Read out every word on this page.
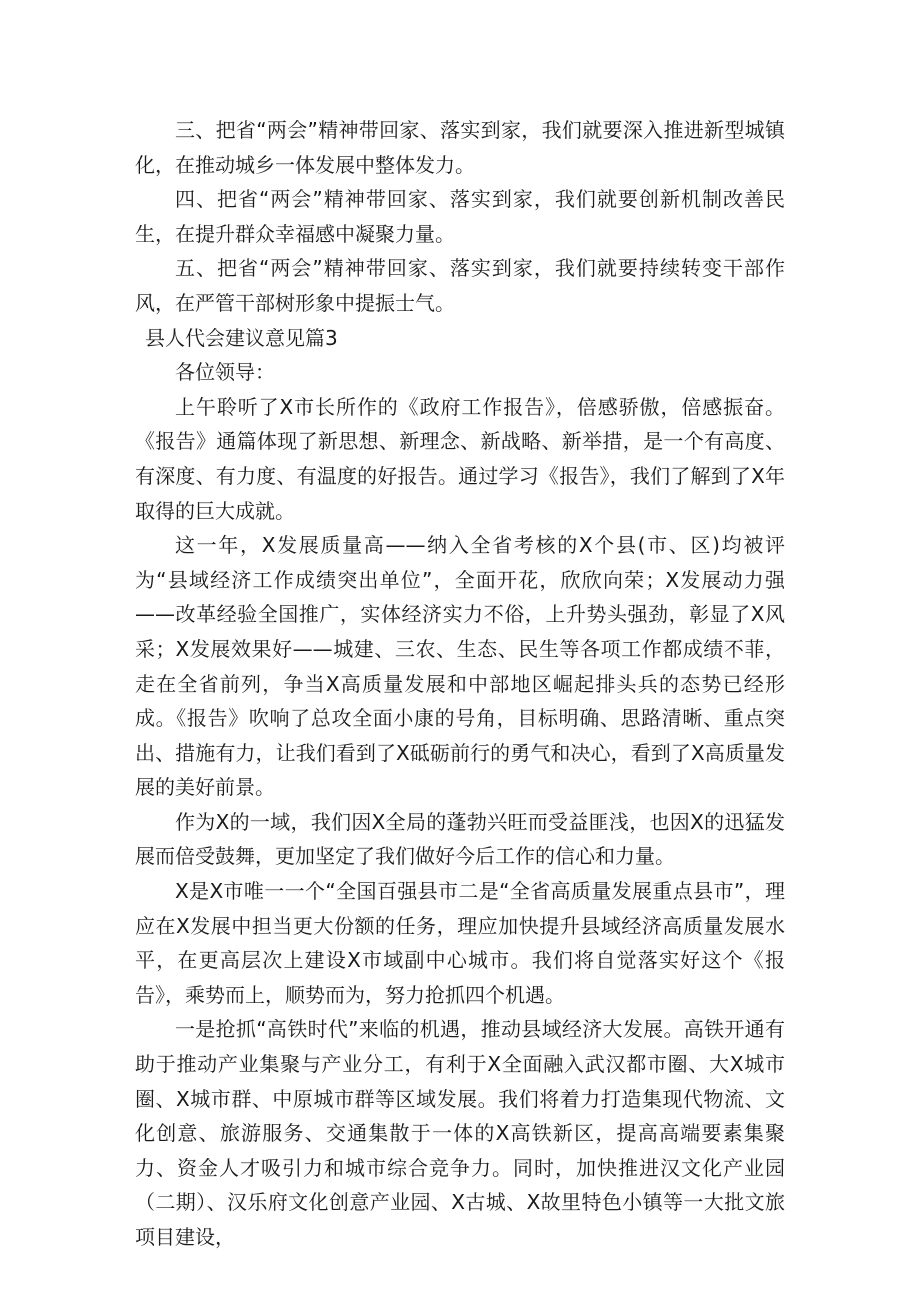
三、把省“两会”精神带回家、落实到家，我们就要深入推进新型城镇化，在推动城乡一体发展中整体发力。

四、把省“两会”精神带回家、落实到家，我们就要创新机制改善民生，在提升群众幸福感中凝聚力量。

五、把省“两会”精神带回家、落实到家，我们就要持续转变干部作风，在严管干部树形象中提振士气。

县人代会建议意见篇3

各位领导：

上午聆听了X市长所作的《政府工作报告》，倍感骄傲，倍感振奋。《报告》通篇体现了新思想、新理念、新战略、新举措，是一个有高度、有深度、有力度、有温度的好报告。通过学习《报告》，我们了解到了X年取得的巨大成就。

这一年，X发展质量高——纳入全省考核的X个县(市、区)均被评为“县域经济工作成绩突出单位”，全面开花，欣欣向荣；X发展动力强——改革经验全国推广，实体经济实力不俗，上升势头强劲，彰显了X风采；X发展效果好——城建、三农、生态、民生等各项工作都成绩不菲，走在全省前列，争当X高质量发展和中部地区崛起排头兵的态势已经形成。《报告》吹响了总攻全面小康的号角，目标明确、思路清晰、重点突出、措施有力，让我们看到了X砥砺前行的勇气和决心，看到了X高质量发展的美好前景。

作为X的一域，我们因X全局的蓬勃兴旺而受益匪浅，也因X的迅猛发展而倍受鼓舞，更加坚定了我们做好今后工作的信心和力量。

X是X市唯一一个“全国百强县市二是“全省高质量发展重点县市”，理应在X发展中担当更大份额的任务，理应加快提升县域经济高质量发展水平，在更高层次上建设X市域副中心城市。我们将自觉落实好这个《报告》，乘势而上，顺势而为，努力抢抓四个机遇。

一是抢抓“高铁时代”来临的机遇，推动县域经济大发展。高铁开通有助于推动产业集聚与产业分工，有利于X全面融入武汉都市圈、大X城市圈、X城市群、中原城市群等区域发展。我们将着力打造集现代物流、文化创意、旅游服务、交通集散于一体的X高铁新区，提高高端要素集聚力、资金人才吸引力和城市综合竞争力。同时，加快推进汉文化产业园（二期）、汉乐府文化创意产业园、X古城、X故里特色小镇等一大批文旅项目建设，
